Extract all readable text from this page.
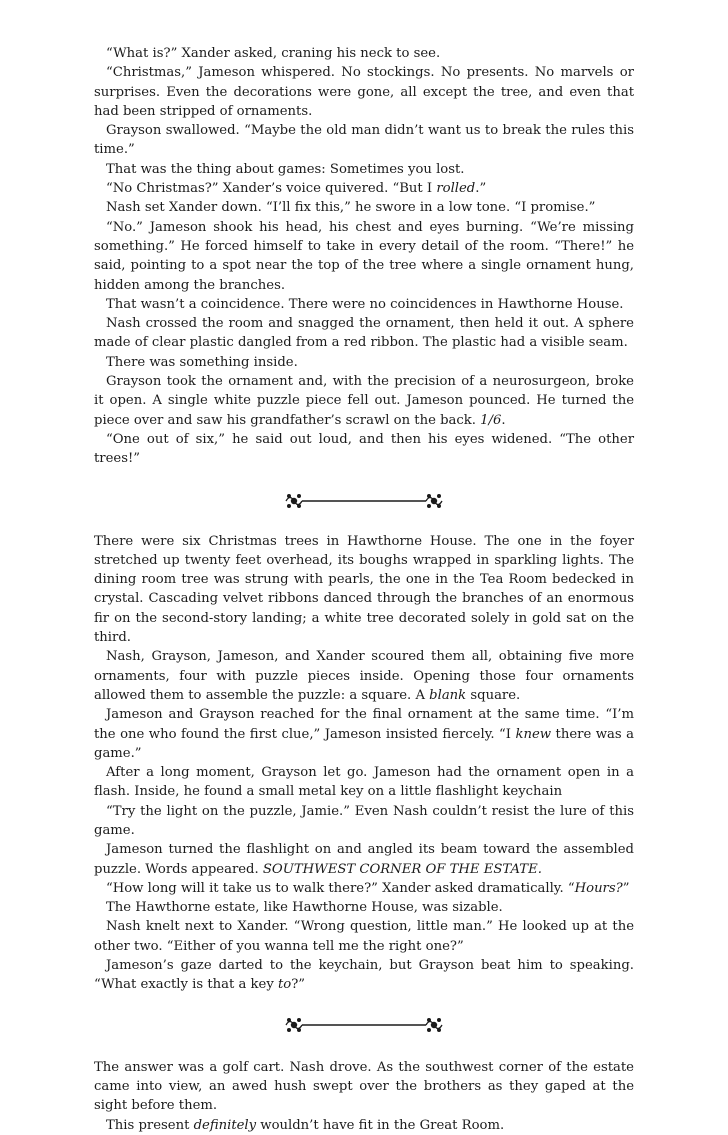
“What is?” Xander asked, craning his neck to see.

“Christmas,” Jameson whispered. No stockings. No presents. No marvels or surprises. Even the decorations were gone, all except the tree, and even that had been stripped of ornaments.

Grayson swallowed. “Maybe the old man didn’t want us to break the rules this time.”

That was the thing about games: Sometimes you lost.

“No Christmas?” Xander’s voice quivered. “But I rolled.”

Nash set Xander down. “I’ll fix this,” he swore in a low tone. “I promise.”

“No.” Jameson shook his head, his chest and eyes burning. “We’re missing something.” He forced himself to take in every detail of the room. “There!” he said, pointing to a spot near the top of the tree where a single ornament hung, hidden among the branches.

That wasn’t a coincidence. There were no coincidences in Hawthorne House.

Nash crossed the room and snagged the ornament, then held it out. A sphere made of clear plastic dangled from a red ribbon. The plastic had a visible seam.

There was something inside.

Grayson took the ornament and, with the precision of a neurosurgeon, broke it open. A single white puzzle piece fell out. Jameson pounced. He turned the piece over and saw his grandfather’s scrawl on the back. 1/6.

“One out of six,” he said out loud, and then his eyes widened. “The other trees!”

There were six Christmas trees in Hawthorne House. The one in the foyer stretched up twenty feet overhead, its boughs wrapped in sparkling lights. The dining room tree was strung with pearls, the one in the Tea Room bedecked in crystal. Cascading velvet ribbons danced through the branches of an enormous fir on the second-story landing; a white tree decorated solely in gold sat on the third.

Nash, Grayson, Jameson, and Xander scoured them all, obtaining five more ornaments, four with puzzle pieces inside. Opening those four ornaments allowed them to assemble the puzzle: a square. A blank square.

Jameson and Grayson reached for the final ornament at the same time. “I’m the one who found the first clue,” Jameson insisted fiercely. “I knew there was a game.”

After a long moment, Grayson let go. Jameson had the ornament open in a flash. Inside, he found a small metal key on a little flashlight keychain

“Try the light on the puzzle, Jamie.” Even Nash couldn’t resist the lure of this game.

Jameson turned the flashlight on and angled its beam toward the assembled puzzle. Words appeared. SOUTHWEST CORNER OF THE ESTATE.

“How long will it take us to walk there?” Xander asked dramatically. “Hours?”

The Hawthorne estate, like Hawthorne House, was sizable.

Nash knelt next to Xander. “Wrong question, little man.” He looked up at the other two. “Either of you wanna tell me the right one?”

Jameson’s gaze darted to the keychain, but Grayson beat him to speaking. “What exactly is that a key to?”

The answer was a golf cart. Nash drove. As the southwest corner of the estate came into view, an awed hush swept over the brothers as they gaped at the sight before them.

This present definitely wouldn’t have fit in the Great Room.
